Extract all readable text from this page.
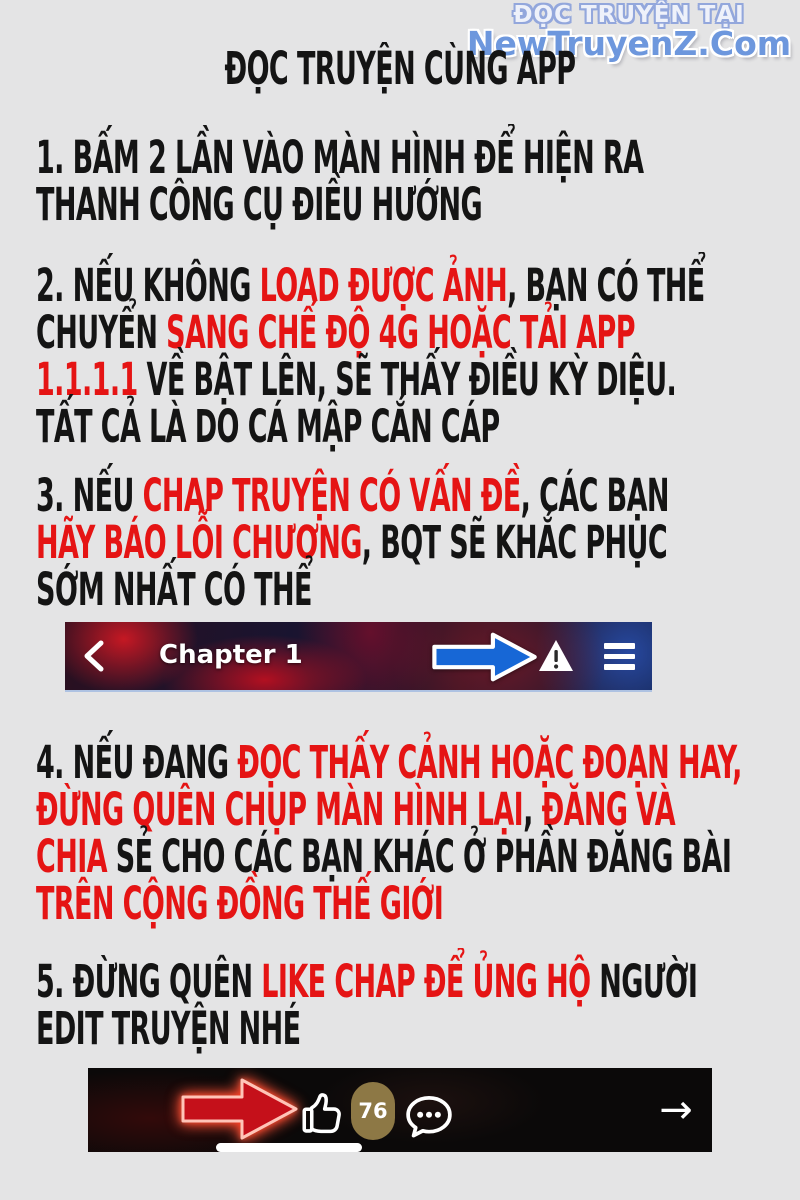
ĐỌC TRUYỆN TẠI
NewTruyenZ.Com
ĐỌC TRUYỆN CÙNG APP
1. BẤM 2 LẦN VÀO MÀN HÌNH ĐỂ HIỆN RA
THANH CÔNG CỤ ĐIỀU HƯỚNG
2. NẾU KHÔNG LOAD ĐƯỢC ẢNH, BẠN CÓ THỂ
CHUYỂN SANG CHẾ ĐỘ 4G HOẶC TẢI APP
1.1.1.1 VỀ BẬT LÊN, SẼ THẤY ĐIỀU KỲ DIỆU.
TẤT CẢ LÀ DO CÁ MẬP CẮN CÁP
3. NẾU CHAP TRUYỆN CÓ VẤN ĐỀ, CÁC BẠN
HÃY BÁO LỖI CHƯƠNG, BQT SẼ KHẮC PHỤC
SỚM NHẤT CÓ THỂ
4. NẾU ĐANG ĐỌC THẤY CẢNH HOẶC ĐOẠN HAY,
ĐỪNG QUÊN CHỤP MÀN HÌNH LẠI, ĐĂNG VÀ
CHIA SẺ CHO CÁC BẠN KHÁC Ở PHẦN ĐĂNG BÀI
TRÊN CỘNG ĐỒNG THẾ GIỚI
5. ĐỪNG QUÊN LIKE CHAP ĐỂ ỦNG HỘ NGƯỜI
EDIT TRUYỆN NHÉ
Chapter 1
76	→
